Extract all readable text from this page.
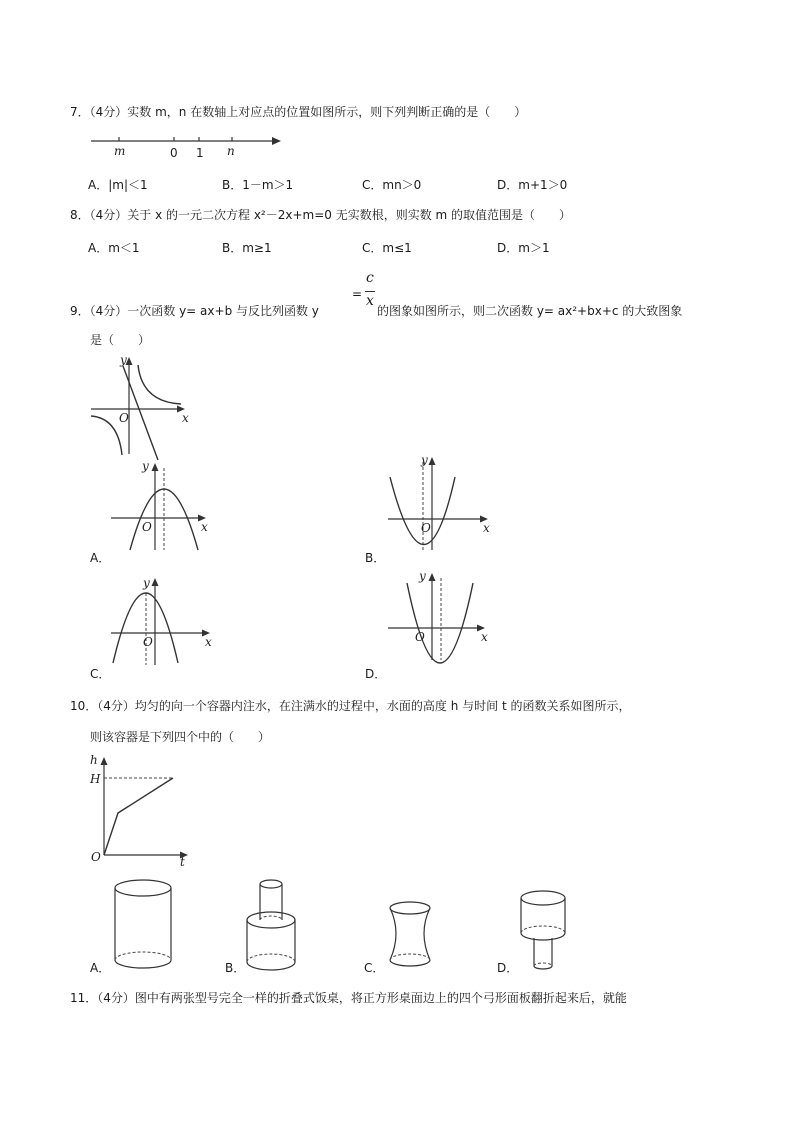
7．（4分）实数 m，n 在数轴上对应点的位置如图所示，则下列判断正确的是（　　）
m	0 1 n
A．|m|＜1	B．1－m＞1	C．mn＞0	D．m+1＞0
8．（4分）关于 x 的一元二次方程 x²－2x+m=0 无实数根，则实数 m 的取值范围是（　　）
A．m＜1	B．m≥1	C．m≤1	D．m＞1
9．（4分）一次函数 y= ax+b 与反比列函数 y
=
c
x
的图象如图所示，则二次函数 y= ax²+bx+c 的大致图象
是（　　）
y
x
O
y
x
O
A．
y
x
O
B．
y
x
O
C．
y
x
O
D．
10．（4分）均匀的向一个容器内注水，在注满水的过程中，水面的高度 h 与时间 t 的函数关系如图所示，
则该容器是下列四个中的（　　）
h
H
O	t
A．	B．	C．	D．
11．（4分）图中有两张型号完全一样的折叠式饭桌，将正方形桌面边上的四个弓形面板翻折起来后，就能
